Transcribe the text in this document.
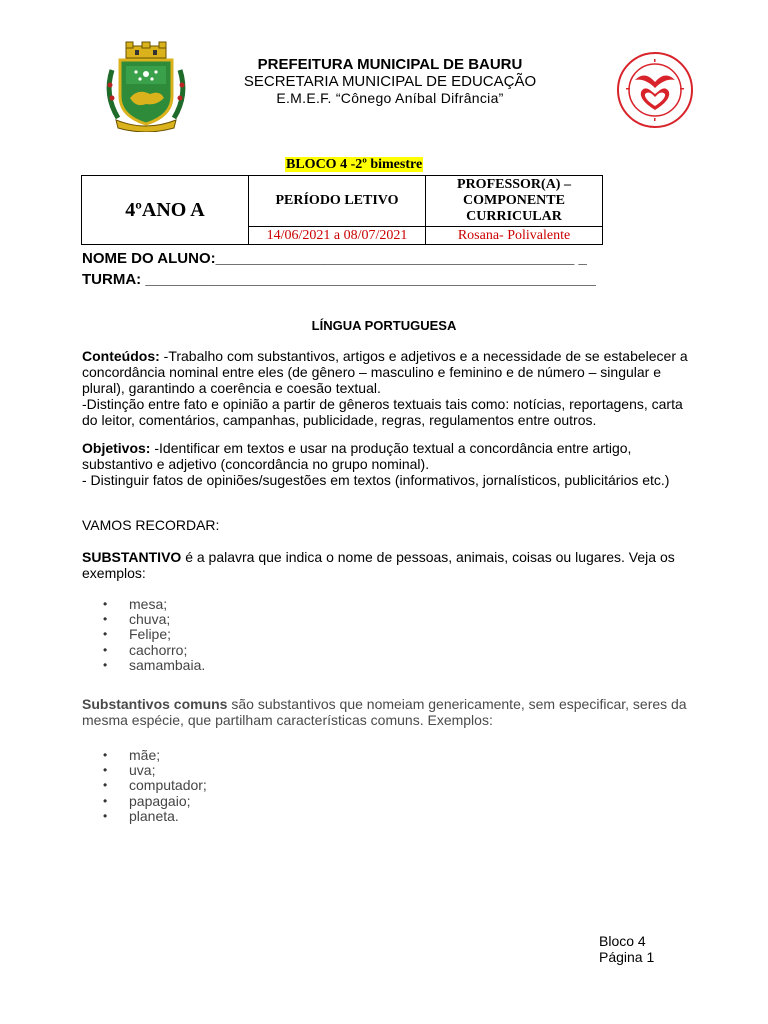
PREFEITURA MUNICIPAL DE BAURU
SECRETARIA MUNICIPAL DE EDUCAÇÃO
E.M.E.F. “Cônego Aníbal Difrância”
BLOCO 4 -2º bimestre
4ºANO A	PERÍODO LETIVO	PROFESSOR(A) – COMPONENTE CURRICULAR
	14/06/2021 a 08/07/2021	Rosana- Polivalente
NOME DO ALUNO:___________________________________________ _
TURMA: ______________________________________________________
LÍNGUA PORTUGUESA
Conteúdos: -Trabalho com substantivos, artigos e adjetivos e a necessidade de se estabelecer a concordância nominal entre eles (de gênero – masculino e feminino e de número – singular e plural), garantindo a coerência e coesão textual.
-Distinção entre fato e opinião a partir de gêneros textuais tais como: notícias, reportagens, carta do leitor, comentários, campanhas, publicidade, regras, regulamentos entre outros.
Objetivos: -Identificar em textos e usar na produção textual a concordância entre artigo, substantivo e adjetivo (concordância no grupo nominal).
- Distinguir fatos de opiniões/sugestões em textos (informativos, jornalísticos, publicitários etc.)
VAMOS RECORDAR:
SUBSTANTIVO é a palavra que indica o nome de pessoas, animais, coisas ou lugares. Veja os exemplos:
• mesa;
• chuva;
• Felipe;
• cachorro;
• samambaia.
Substantivos comuns são substantivos que nomeiam genericamente, sem especificar, seres da mesma espécie, que partilham características comuns. Exemplos:
• mãe;
• uva;
• computador;
• papagaio;
• planeta.
Bloco 4
Página 1
